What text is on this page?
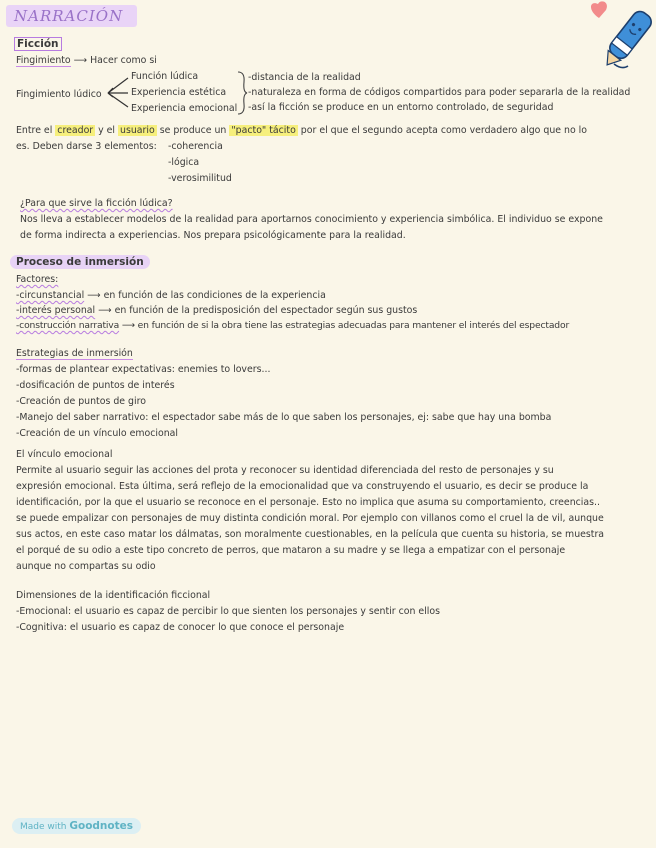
NARRACIÓN
Ficción
Fingimiento ⟶ Hacer como si
Fingimiento lúdico
Función lúdica
Experiencia estética
Experiencia emocional
-distancia de la realidad
-naturaleza en forma de códigos compartidos para poder separarla de la realidad
-así la ficción se produce en un entorno controlado, de seguridad
Entre el creador y el usuario se produce un "pacto" tácito por el que el segundo acepta como verdadero algo que no lo
es. Deben darse 3 elementos: -coherencia
-lógica
-verosimilitud
¿Para que sirve la ficción lúdica?
Nos lleva a establecer modelos de la realidad para aportarnos conocimiento y experiencia simbólica. El individuo se expone
de forma indirecta a experiencias. Nos prepara psicológicamente para la realidad.
Proceso de inmersión
Factores:
-circunstancial ⟶ en función de las condiciones de la experiencia
-interés personal ⟶ en función de la predisposición del espectador según sus gustos
-construcción narrativa ⟶ en función de si la obra tiene las estrategias adecuadas para mantener el interés del espectador
Estrategias de inmersión
-formas de plantear expectativas: enemies to lovers...
-dosificación de puntos de interés
-Creación de puntos de giro
-Manejo del saber narrativo: el espectador sabe más de lo que saben los personajes, ej: sabe que hay una bomba
-Creación de un vínculo emocional
El vínculo emocional
Permite al usuario seguir las acciones del prota y reconocer su identidad diferenciada del resto de personajes y su
expresión emocional. Esta última, será reflejo de la emocionalidad que va construyendo el usuario, es decir se produce la
identificación, por la que el usuario se reconoce en el personaje. Esto no implica que asuma su comportamiento, creencias..
se puede empalizar con personajes de muy distinta condición moral. Por ejemplo con villanos como el cruel la de vil, aunque
sus actos, en este caso matar los dálmatas, son moralmente cuestionables, en la película que cuenta su historia, se muestra
el porqué de su odio a este tipo concreto de perros, que mataron a su madre y se llega a empatizar con el personaje
aunque no compartas su odio
Dimensiones de la identificación ficcional
-Emocional: el usuario es capaz de percibir lo que sienten los personajes y sentir con ellos
-Cognitiva: el usuario es capaz de conocer lo que conoce el personaje
Made with Goodnotes
